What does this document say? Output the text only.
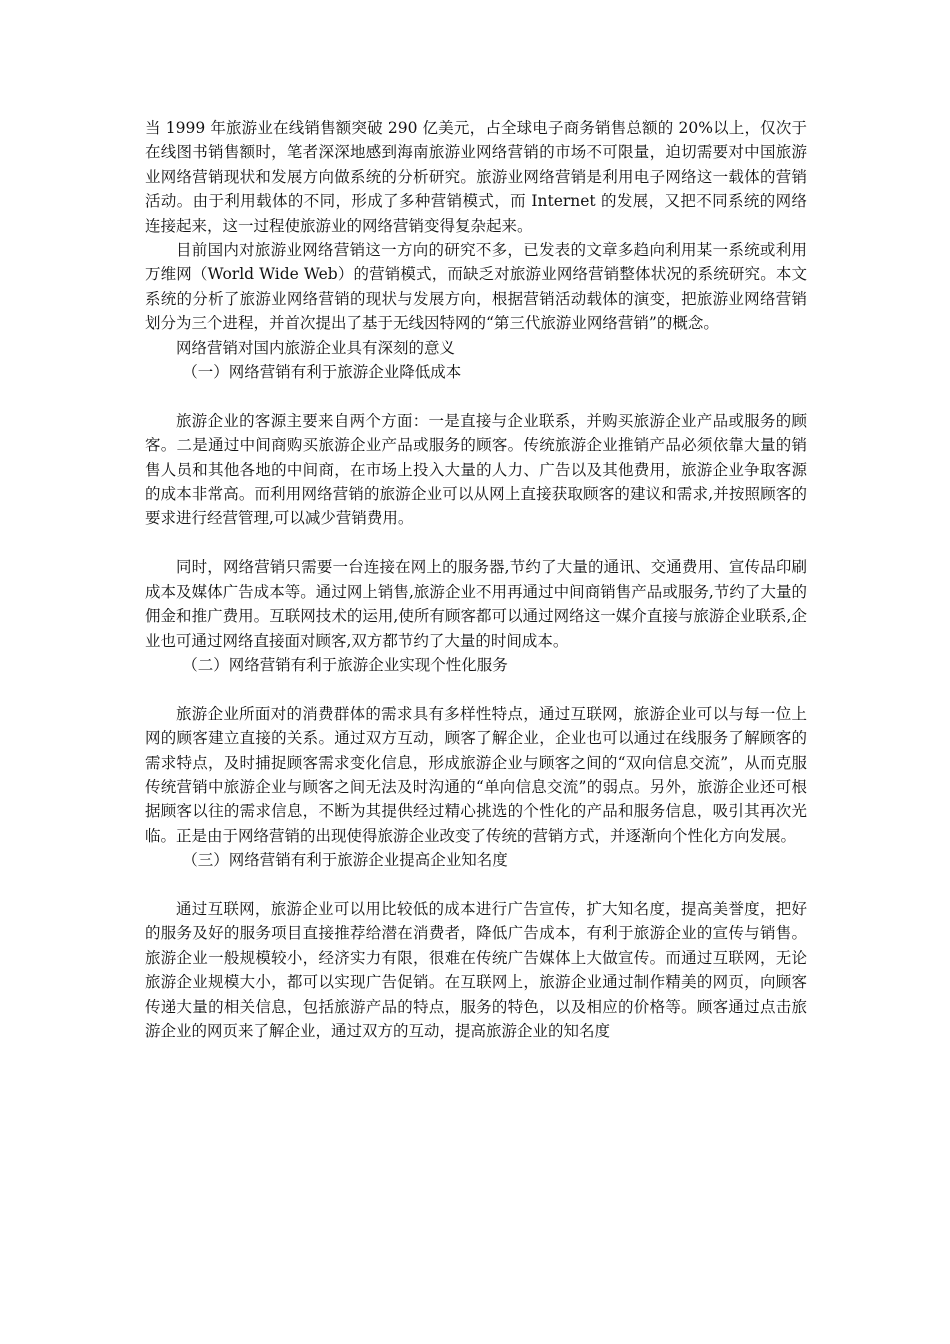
当 1999 年旅游业在线销售额突破 290 亿美元，占全球电子商务销售总额的 20%以上，仅次于在线图书销售额时，笔者深深地感到海南旅游业网络营销的市场不可限量，迫切需要对中国旅游业网络营销现状和发展方向做系统的分析研究。旅游业网络营销是利用电子网络这一载体的营销活动。由于利用载体的不同，形成了多种营销模式，而 Internet 的发展，又把不同系统的网络连接起来，这一过程使旅游业的网络营销变得复杂起来。

目前国内对旅游业网络营销这一方向的研究不多，已发表的文章多趋向利用某一系统或利用万维网（World Wide Web）的营销模式，而缺乏对旅游业网络营销整体状况的系统研究。本文系统的分析了旅游业网络营销的现状与发展方向，根据营销活动载体的演变，把旅游业网络营销划分为三个进程，并首次提出了基于无线因特网的“第三代旅游业网络营销”的概念。

网络营销对国内旅游企业具有深刻的意义

（一）网络营销有利于旅游企业降低成本

旅游企业的客源主要来自两个方面：一是直接与企业联系，并购买旅游企业产品或服务的顾客。二是通过中间商购买旅游企业产品或服务的顾客。传统旅游企业推销产品必须依靠大量的销售人员和其他各地的中间商，在市场上投入大量的人力、广告以及其他费用，旅游企业争取客源的成本非常高。而利用网络营销的旅游企业可以从网上直接获取顾客的建议和需求,并按照顾客的要求进行经营管理,可以减少营销费用。

同时，网络营销只需要一台连接在网上的服务器,节约了大量的通讯、交通费用、宣传品印刷成本及媒体广告成本等。通过网上销售,旅游企业不用再通过中间商销售产品或服务,节约了大量的佣金和推广费用。互联网技术的运用,使所有顾客都可以通过网络这一媒介直接与旅游企业联系,企业也可通过网络直接面对顾客,双方都节约了大量的时间成本。

（二）网络营销有利于旅游企业实现个性化服务

旅游企业所面对的消费群体的需求具有多样性特点，通过互联网，旅游企业可以与每一位上网的顾客建立直接的关系。通过双方互动，顾客了解企业，企业也可以通过在线服务了解顾客的需求特点，及时捕捉顾客需求变化信息，形成旅游企业与顾客之间的“双向信息交流”，从而克服传统营销中旅游企业与顾客之间无法及时沟通的“单向信息交流”的弱点。另外，旅游企业还可根据顾客以往的需求信息，不断为其提供经过精心挑选的个性化的产品和服务信息，吸引其再次光临。正是由于网络营销的出现使得旅游企业改变了传统的营销方式，并逐渐向个性化方向发展。

（三）网络营销有利于旅游企业提高企业知名度

通过互联网，旅游企业可以用比较低的成本进行广告宣传，扩大知名度，提高美誉度，把好的服务及好的服务项目直接推荐给潜在消费者，降低广告成本，有利于旅游企业的宣传与销售。旅游企业一般规模较小，经济实力有限，很难在传统广告媒体上大做宣传。而通过互联网，无论旅游企业规模大小，都可以实现广告促销。在互联网上，旅游企业通过制作精美的网页，向顾客传递大量的相关信息，包括旅游产品的特点，服务的特色，以及相应的价格等。顾客通过点击旅游企业的网页来了解企业，通过双方的互动，提高旅游企业的知名度
